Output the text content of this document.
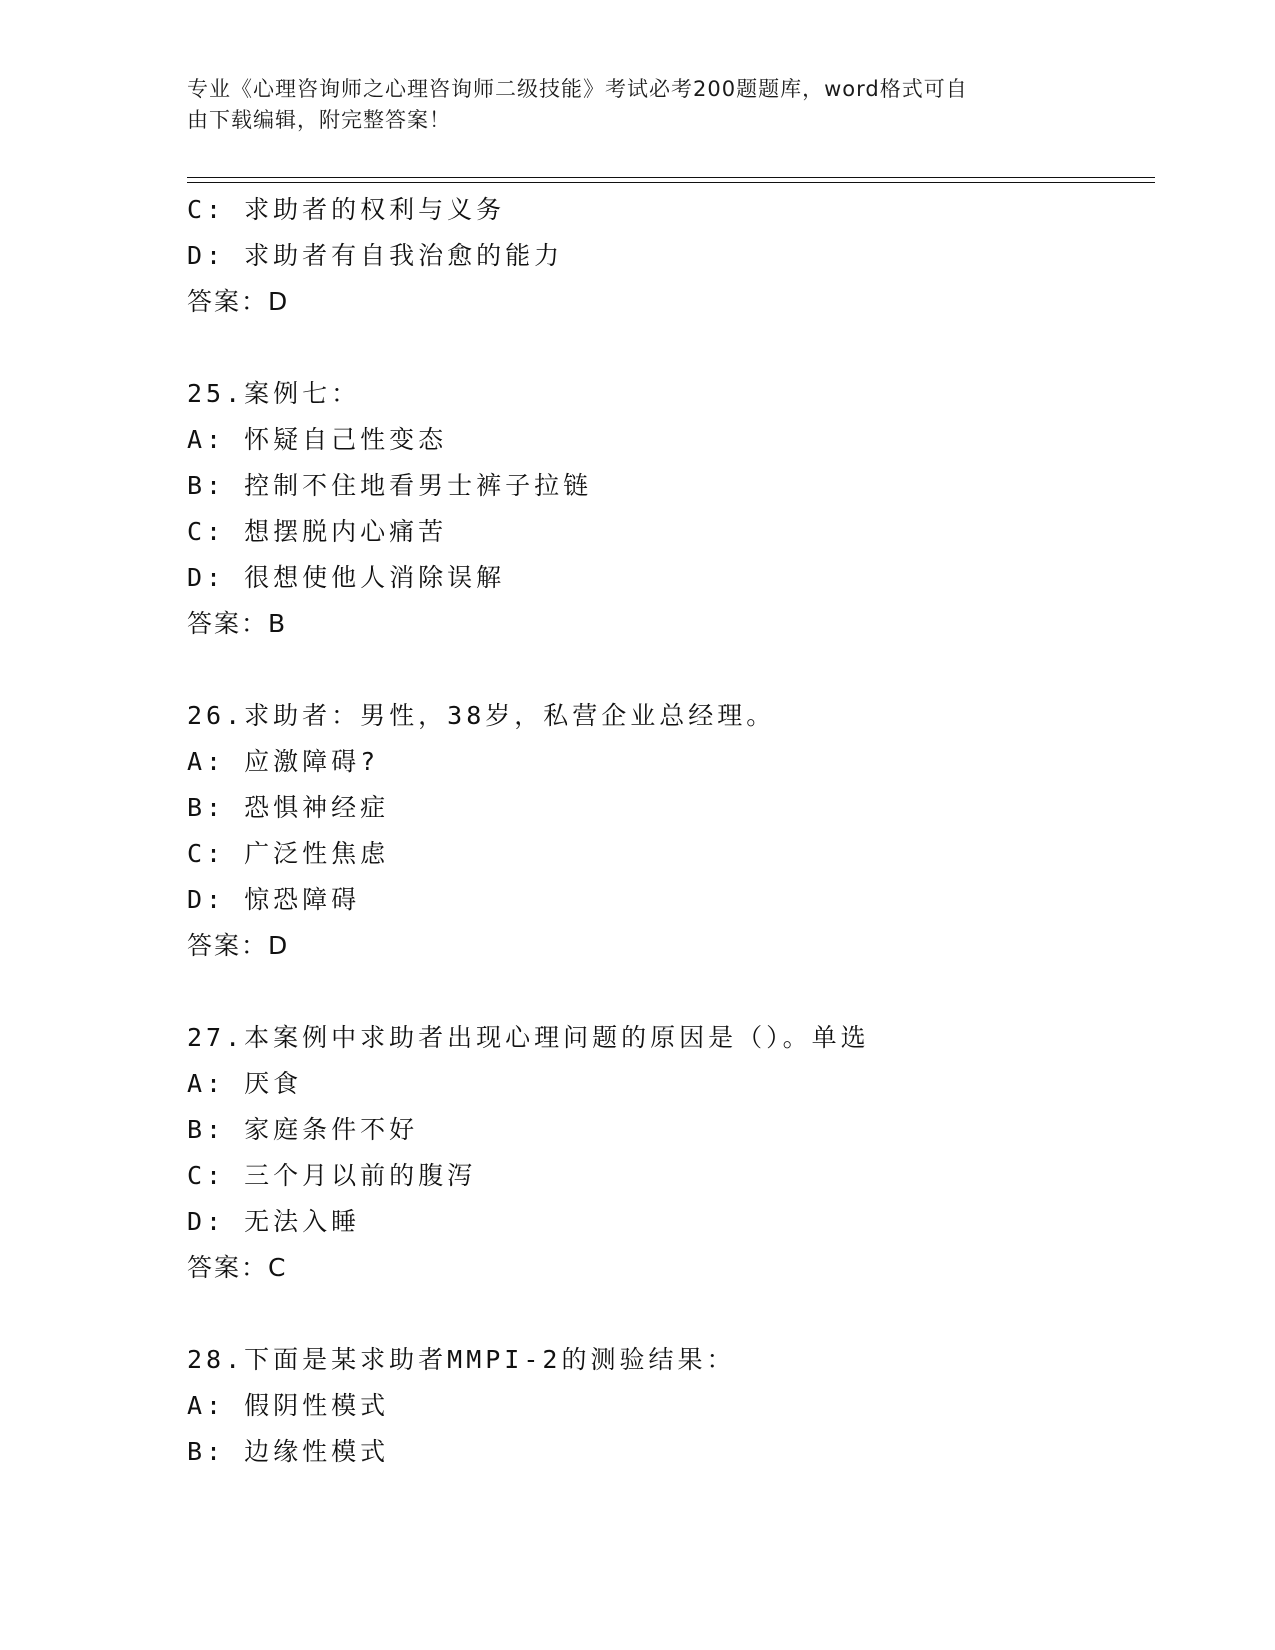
专业《心理咨询师之心理咨询师二级技能》考试必考200题题库，word格式可自
由下载编辑，附完整答案！
C: 求助者的权利与义务
D: 求助者有自我治愈的能力
答案：D
25.案例七：
A: 怀疑自己性变态
B: 控制不住地看男士裤子拉链
C: 想摆脱内心痛苦
D: 很想使他人消除误解
答案：B
26.求助者：男性，38岁，私营企业总经理。
A: 应激障碍?
B: 恐惧神经症
C: 广泛性焦虑
D: 惊恐障碍
答案：D
27.本案例中求助者出现心理问题的原因是（）。单选
A: 厌食
B: 家庭条件不好
C: 三个月以前的腹泻
D: 无法入睡
答案：C
28.下面是某求助者MMPI-2的测验结果：
A: 假阴性模式
B: 边缘性模式
